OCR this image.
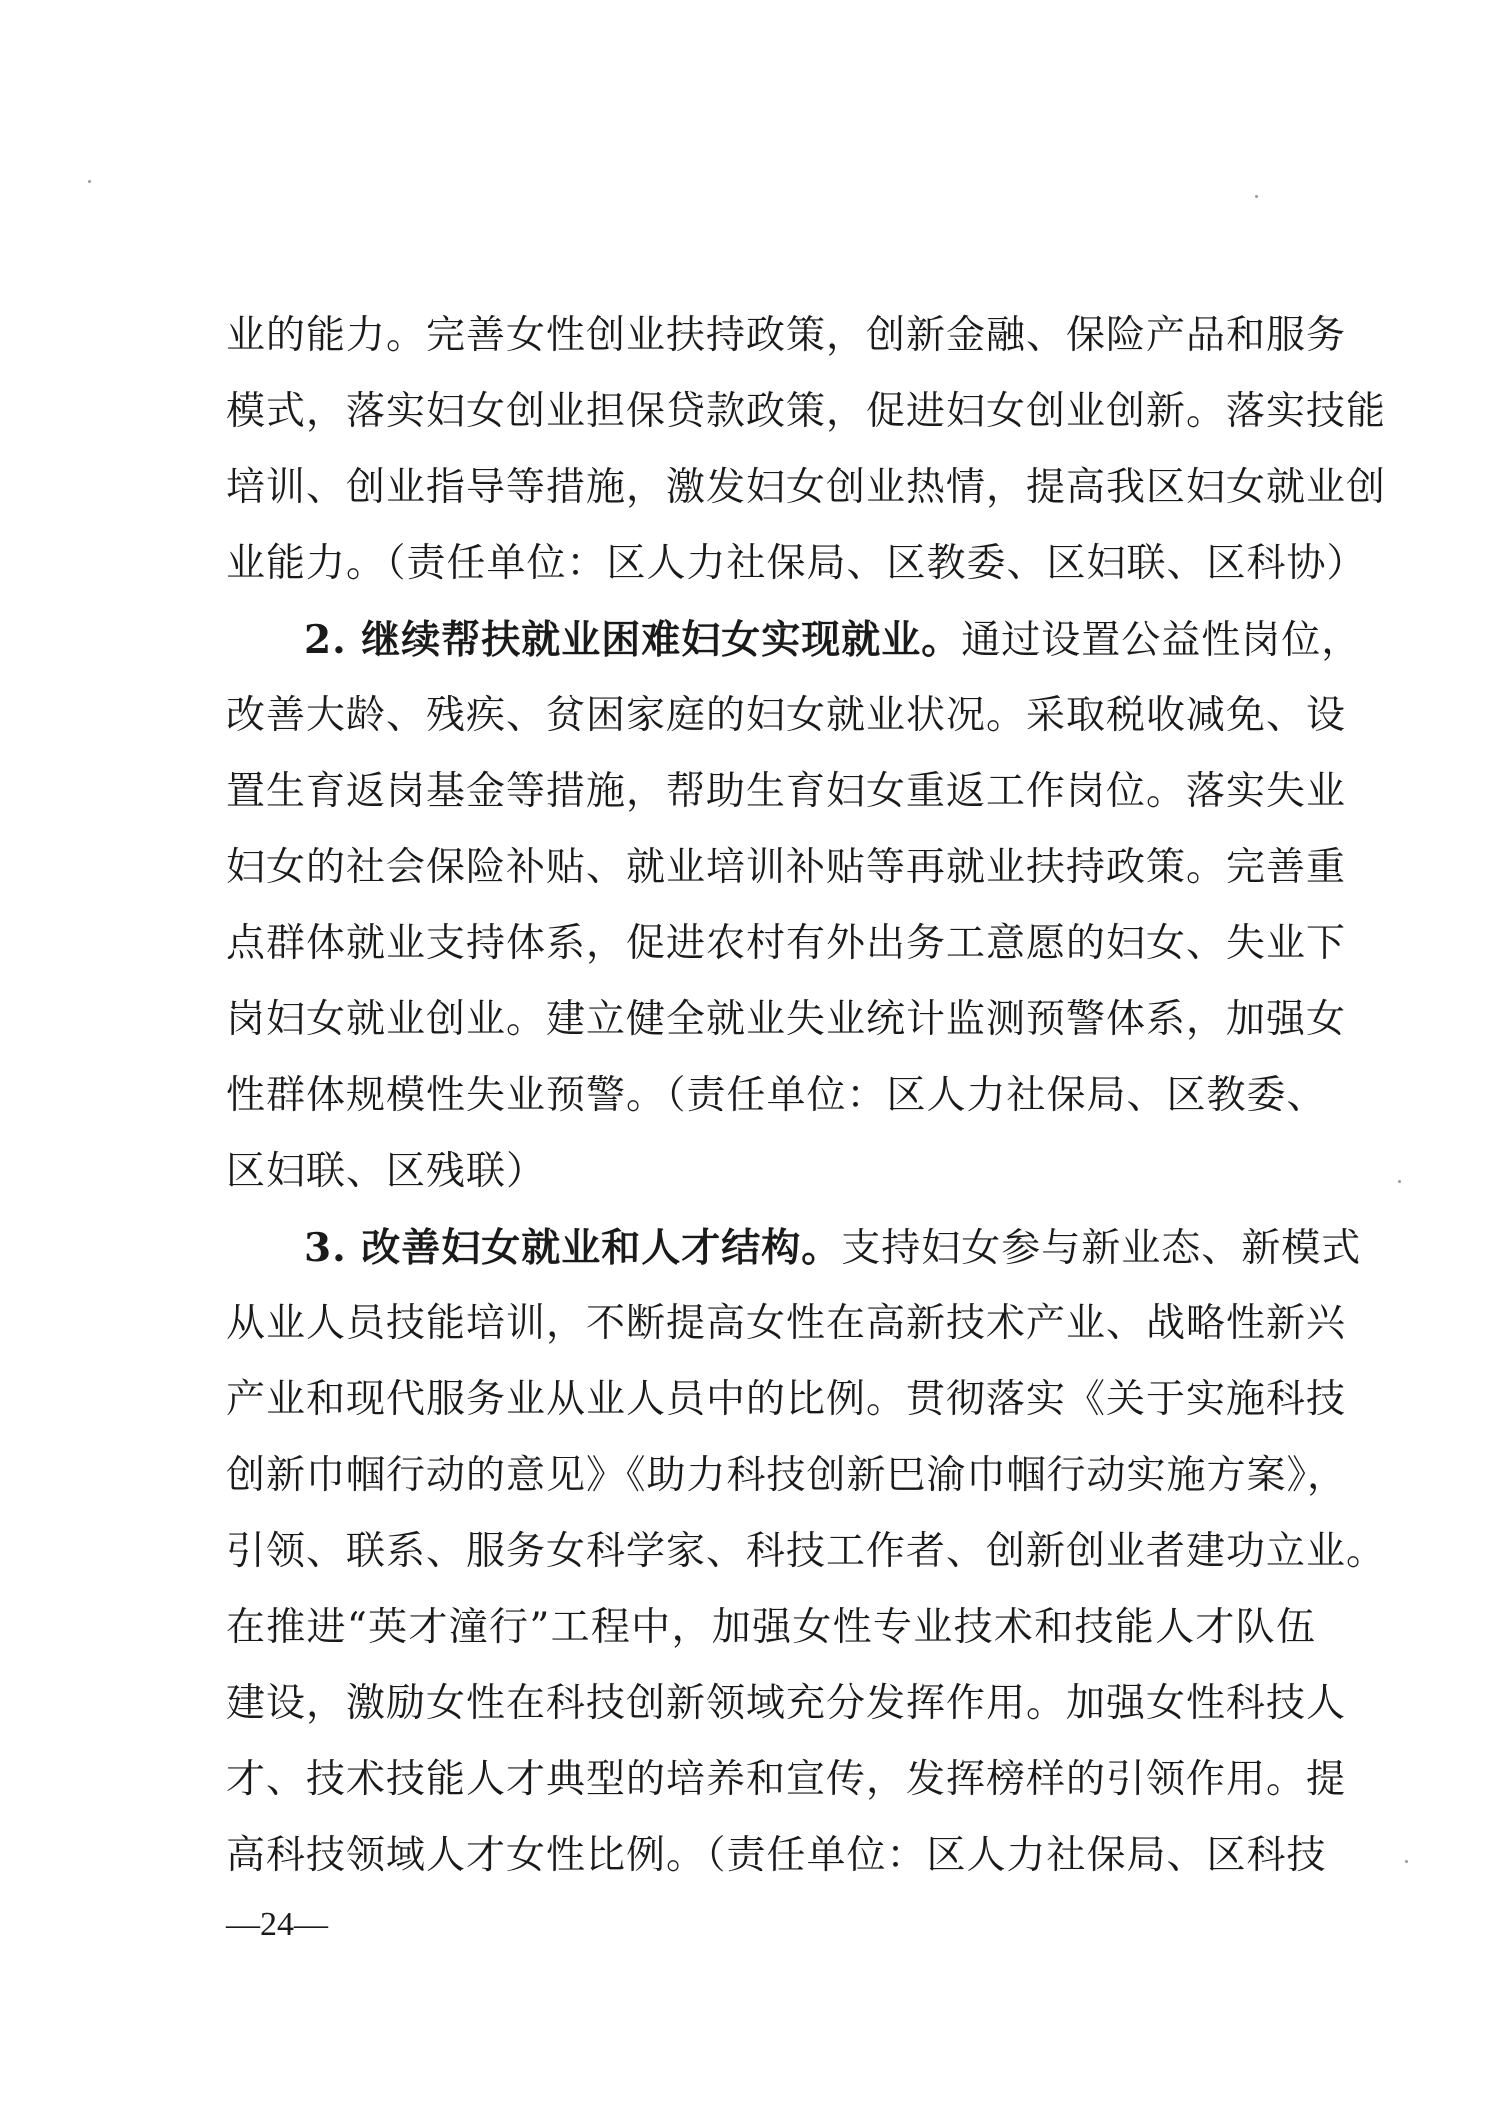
业的能力。完善女性创业扶持政策，创新金融、保险产品和服务
模式，落实妇女创业担保贷款政策，促进妇女创业创新。落实技能
培训、创业指导等措施，激发妇女创业热情，提高我区妇女就业创
业能力。（责任单位：区人力社保局、区教委、区妇联、区科协）
2. 继续帮扶就业困难妇女实现就业。通过设置公益性岗位，
改善大龄、残疾、贫困家庭的妇女就业状况。采取税收减免、设
置生育返岗基金等措施，帮助生育妇女重返工作岗位。落实失业
妇女的社会保险补贴、就业培训补贴等再就业扶持政策。完善重
点群体就业支持体系，促进农村有外出务工意愿的妇女、失业下
岗妇女就业创业。建立健全就业失业统计监测预警体系，加强女
性群体规模性失业预警。（责任单位：区人力社保局、区教委、
区妇联、区残联）
3. 改善妇女就业和人才结构。支持妇女参与新业态、新模式
从业人员技能培训，不断提高女性在高新技术产业、战略性新兴
产业和现代服务业从业人员中的比例。贯彻落实《关于实施科技
创新巾帼行动的意见》《助力科技创新巴渝巾帼行动实施方案》，
引领、联系、服务女科学家、科技工作者、创新创业者建功立业。
在推进“英才潼行”工程中，加强女性专业技术和技能人才队伍
建设，激励女性在科技创新领域充分发挥作用。加强女性科技人
才、技术技能人才典型的培养和宣传，发挥榜样的引领作用。提
高科技领域人才女性比例。（责任单位：区人力社保局、区科技
—24—
